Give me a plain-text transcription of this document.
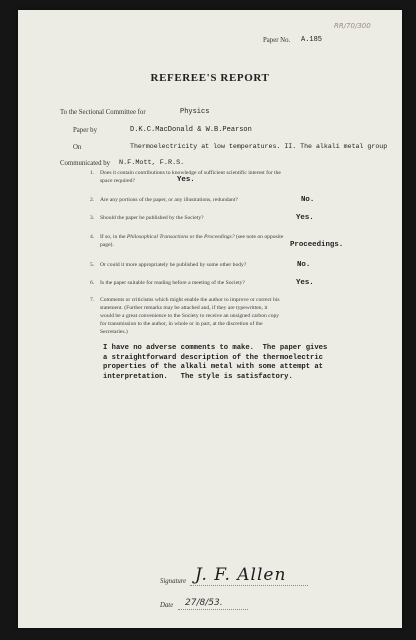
RR/70/300
Paper No. A.185
REFEREE'S REPORT
To the Sectional Committee for	Physics
Paper by	D.K.C.MacDonald & W.B.Pearson
On	Thermoelectricity at low temperatures. II. The alkali metal group
Communicated by N.F.Mott, F.R.S.
1. Does it contain contributions to knowledge of sufficient scientific interest for the
space required?	Yes.
2. Are any portions of the paper, or any illustrations, redundant?	No.
3. Should the paper be published by the Society?	Yes.
4. If so, in the Philosophical Transactions or the Proceedings? (see note on opposite
page).	Proceedings.
5. Or could it more appropriately be published by some other body?	No.
6. Is the paper suitable for reading before a meeting of the Society?	Yes.
7. Comments or criticisms which might enable the author to improve or correct his
statement. (Further remarks may be attached and, if they are typewritten, it
would be a great convenience to the Society to receive an unsigned carbon copy
for transmission to the author, in whole or in part, at the discretion of the
Secretaries.)
I have no adverse comments to make.  The paper gives
a straightforward description of the thermoelectric
properties of the alkali metal with some attempt at
interpretation.   The style is satisfactory.
Signature J. F. Allen
Date 27/8/53.
